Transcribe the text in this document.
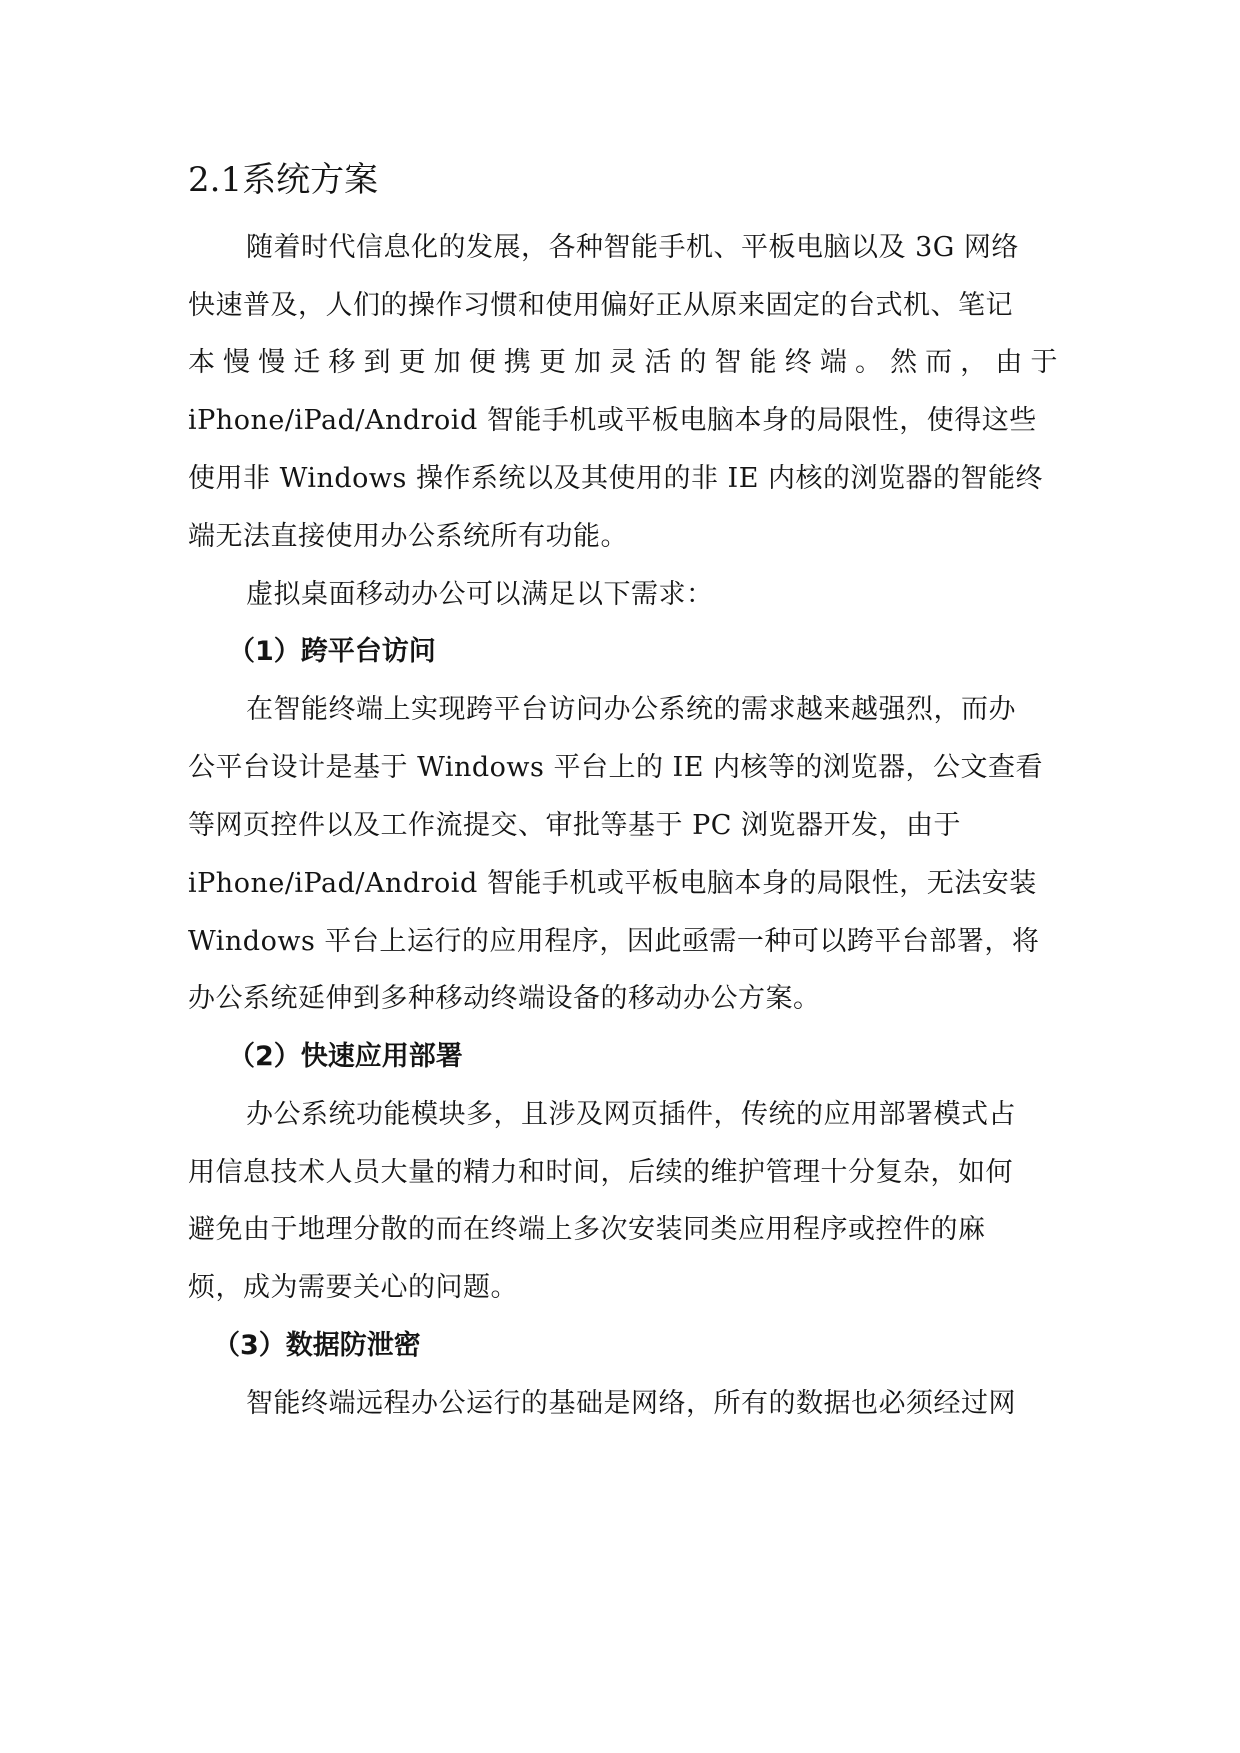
2.1系统方案
随着时代信息化的发展，各种智能手机、平板电脑以及 3G 网络
快速普及，人们的操作习惯和使用偏好正从原来固定的台式机、笔记
本慢慢迁移到更加便携更加灵活的智能终端。然而，由于
iPhone/iPad/Android 智能手机或平板电脑本身的局限性，使得这些
使用非 Windows 操作系统以及其使用的非 IE 内核的浏览器的智能终
端无法直接使用办公系统所有功能。
虚拟桌面移动办公可以满足以下需求：
（1）跨平台访问
在智能终端上实现跨平台访问办公系统的需求越来越强烈，而办
公平台设计是基于 Windows 平台上的 IE 内核等的浏览器，公文查看
等网页控件以及工作流提交、审批等基于 PC 浏览器开发，由于
iPhone/iPad/Android 智能手机或平板电脑本身的局限性，无法安装
Windows 平台上运行的应用程序，因此亟需一种可以跨平台部署，将
办公系统延伸到多种移动终端设备的移动办公方案。
（2）快速应用部署
办公系统功能模块多，且涉及网页插件，传统的应用部署模式占
用信息技术人员大量的精力和时间，后续的维护管理十分复杂，如何
避免由于地理分散的而在终端上多次安装同类应用程序或控件的麻
烦，成为需要关心的问题。
（3）数据防泄密
智能终端远程办公运行的基础是网络，所有的数据也必须经过网
